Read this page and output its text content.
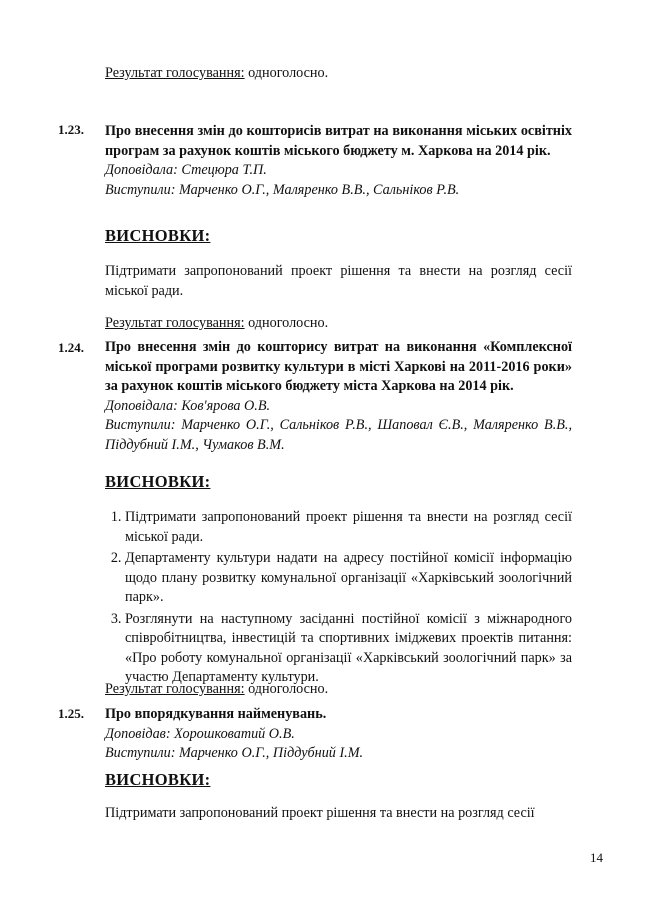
Результат голосування: одноголосно.
1.23. Про внесення змін до кошторисів витрат на виконання міських освітніх програм за рахунок коштів міського бюджету м. Харкова на 2014 рік.
Доповідала: Стецюра Т.П.
Виступили: Марченко О.Г., Маляренко В.В., Сальніков Р.В.
ВИСНОВКИ:
Підтримати запропонований проект рішення та внести на розгляд сесії міської ради.
Результат голосування: одноголосно.
1.24. Про внесення змін до кошторису витрат на виконання «Комплексної міської програми розвитку культури в місті Харкові на 2011-2016 роки» за рахунок коштів міського бюджету міста Харкова на 2014 рік.
Доповідала: Ков'ярова О.В.
Виступили: Марченко О.Г., Сальніков Р.В., Шаповал Є.В., Маляренко В.В., Піддубний І.М., Чумаков В.М.
ВИСНОВКИ:
1. Підтримати запропонований проект рішення та внести на розгляд сесії міської ради.
2. Департаменту культури надати на адресу постійної комісії інформацію щодо плану розвитку комунальної організації «Харківський зоологічний парк».
3. Розглянути на наступному засіданні постійної комісії з міжнародного співробітництва, інвестицій та спортивних іміджевих проектів питання: «Про роботу комунальної організації «Харківський зоологічний парк» за участю Департаменту культури.
Результат голосування: одноголосно.
1.25. Про впорядкування найменувань.
Доповідав: Хорошковатий О.В.
Виступили: Марченко О.Г., Піддубний І.М.
ВИСНОВКИ:
Підтримати запропонований проект рішення та внести на розгляд сесії
14
